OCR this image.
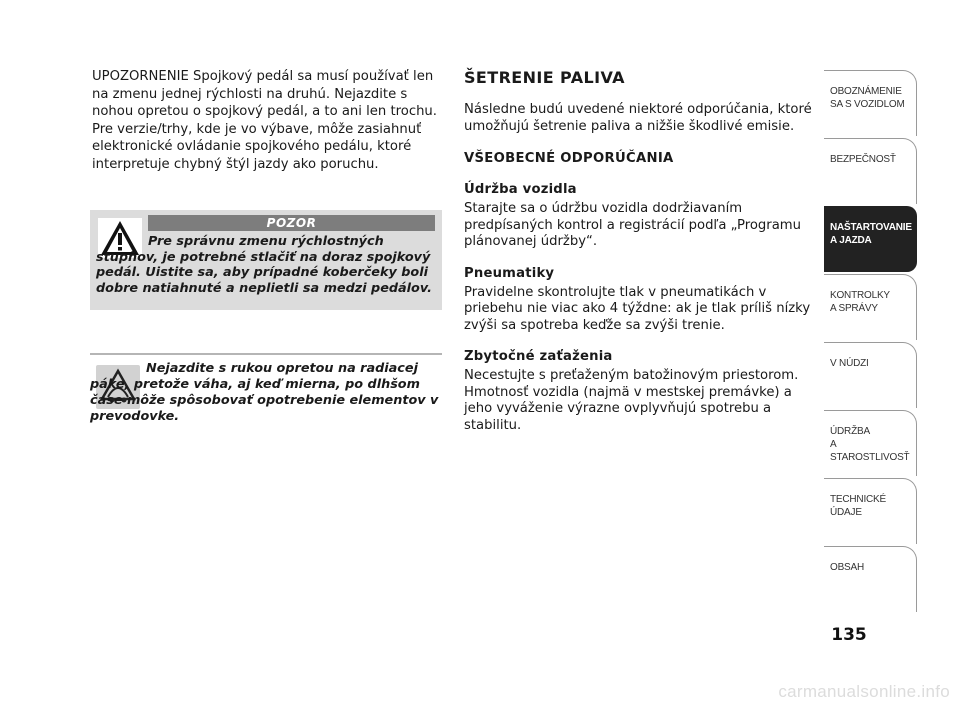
UPOZORNENIE Spojkový pedál sa musí používať len na zmenu jednej rýchlosti na druhú. Nejazdite s nohou opretou o spojkový pedál, a to ani len trochu. Pre verzie/trhy, kde je vo výbave, môže zasiahnuť elektronické ovládanie spojkového pedálu, ktoré interpretuje chybný štýl jazdy ako poruchu.

POZOR

Pre správnu zmenu rýchlostných stupňov, je potrebné stlačiť na doraz spojkový pedál. Uistite sa, aby prípadné koberčeky boli dobre natiahnuté a neplietli sa medzi pedálov.

Nejazdite s rukou opretou na radiacej páke, pretože váha, aj keď mierna, po dlhšom čase môže spôsobovať opotrebenie elementov v prevodovke.

ŠETRENIE PALIVA

Následne budú uvedené niektoré odporúčania, ktoré umožňujú šetrenie paliva a nižšie škodlivé emisie.

VŠEOBECNÉ ODPORÚČANIA
Údržba vozidla

Starajte sa o údržbu vozidla dodržiavaním predpísaných kontrol a registrácií podľa „Programu plánovanej údržby“.

Pneumatiky

Pravidelne skontrolujte tlak v pneumatikách v priebehu nie viac ako 4 týždne: ak je tlak príliš nízky zvýši sa spotreba keďže sa zvýši trenie.

Zbytočné zaťaženia

Necestujte s preťaženým batožinovým priestorom. Hmotnosť vozidla (najmä v mestskej premávke) a jeho vyváženie výrazne ovplyvňujú spotrebu a stabilitu.

OBOZNÁMENIE
SA S VOZIDLOM
BEZPEČNOSŤ
NAŠTARTOVANIE
A JAZDA
KONTROLKY
A SPRÁVY
V NÚDZI
ÚDRŽBA
A STAROSTLIVOSŤ
TECHNICKÉ
ÚDAJE
OBSAH
135
carmanualsonline.info
